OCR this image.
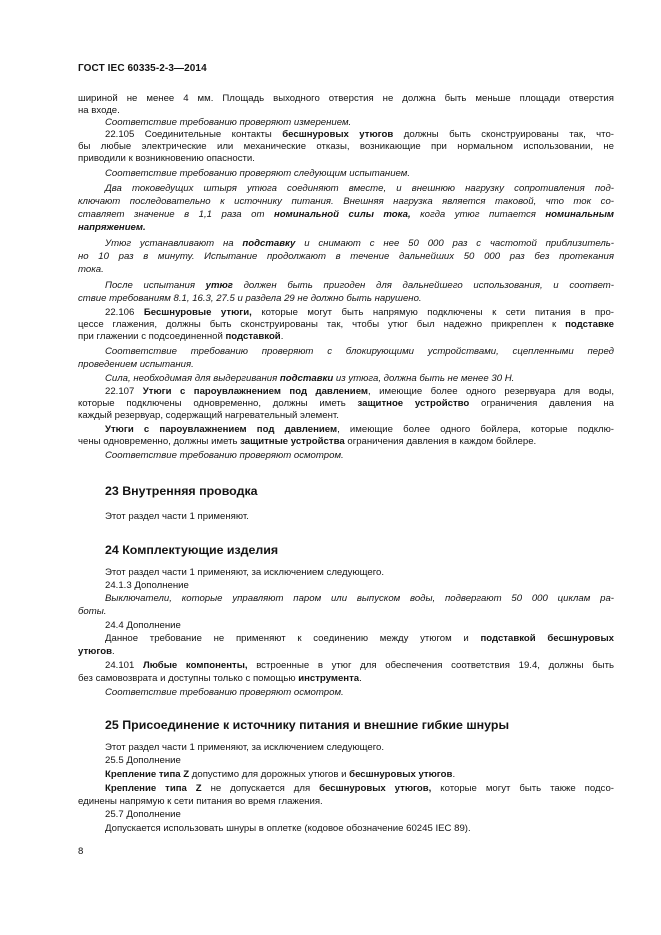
ГОСТ IEC 60335-2-3—2014
шириной не менее 4 мм. Площадь выходного отверстия не должна быть меньше площади отверстия
на входе.
Соответствие требованию проверяют измерением.
22.105 Соединительные контакты бесшнуровых утюгов должны быть сконструированы так, что-
бы любые электрические или механические отказы, возникающие при нормальном использовании, не
приводили к возникновению опасности.
Соответствие требованию проверяют следующим испытанием.
Два токоведущих штыря утюга соединяют вместе, и внешнюю нагрузку сопротивления под-
ключают последовательно к источнику питания. Внешняя нагрузка является таковой, что ток со-
ставляет значение в 1,1 раза от номинальной силы тока, когда утюг питается номинальным
напряжением.
Утюг устанавливают на подставку и снимают с нее 50 000 раз с частотой приблизитель-
но 10 раз в минуту. Испытание продолжают в течение дальнейших 50 000 раз без протекания
тока.
После испытания утюг должен быть пригоден для дальнейшего использования, и соответ-
ствие требованиям 8.1, 16.3, 27.5 и раздела 29 не должно быть нарушено.
22.106 Бесшнуровые утюги, которые могут быть напрямую подключены к сети питания в про-
цессе глажения, должны быть сконструированы так, чтобы утюг был надежно прикреплен к подставке
при глажении с подсоединенной подставкой.
Соответствие требованию проверяют с блокирующими устройствами, сцепленными перед
проведением испытания.
Сила, необходимая для выдергивания подставки из утюга, должна быть не менее 30 Н.
22.107 Утюги с пароувлажнением под давлением, имеющие более одного резервуара для воды,
которые подключены одновременно, должны иметь защитное устройство ограничения давления на
каждый резервуар, содержащий нагревательный элемент.
Утюги с пароувлажнением под давлением, имеющие более одного бойлера, которые подклю-
чены одновременно, должны иметь защитные устройства ограничения давления в каждом бойлере.
Соответствие требованию проверяют осмотром.
23 Внутренняя проводка
Этот раздел части 1 применяют.
24 Комплектующие изделия
Этот раздел части 1 применяют, за исключением следующего.
24.1.3 Дополнение
Выключатели, которые управляют паром или выпуском воды, подвергают 50 000 циклам ра-
боты.
24.4 Дополнение
Данное требование не применяют к соединению между утюгом и подставкой бесшнуровых
утюгов.
24.101 Любые компоненты, встроенные в утюг для обеспечения соответствия 19.4, должны быть
без самовозврата и доступны только с помощью инструмента.
Соответствие требованию проверяют осмотром.
25 Присоединение к источнику питания и внешние гибкие шнуры
Этот раздел части 1 применяют, за исключением следующего.
25.5 Дополнение
Крепление типа Z допустимо для дорожных утюгов и бесшнуровых утюгов.
Крепление типа Z не допускается для бесшнуровых утюгов, которые могут быть также подсо-
единены напрямую к сети питания во время глажения.
25.7 Дополнение
Допускается использовать шнуры в оплетке (кодовое обозначение 60245 IEC 89).
8
